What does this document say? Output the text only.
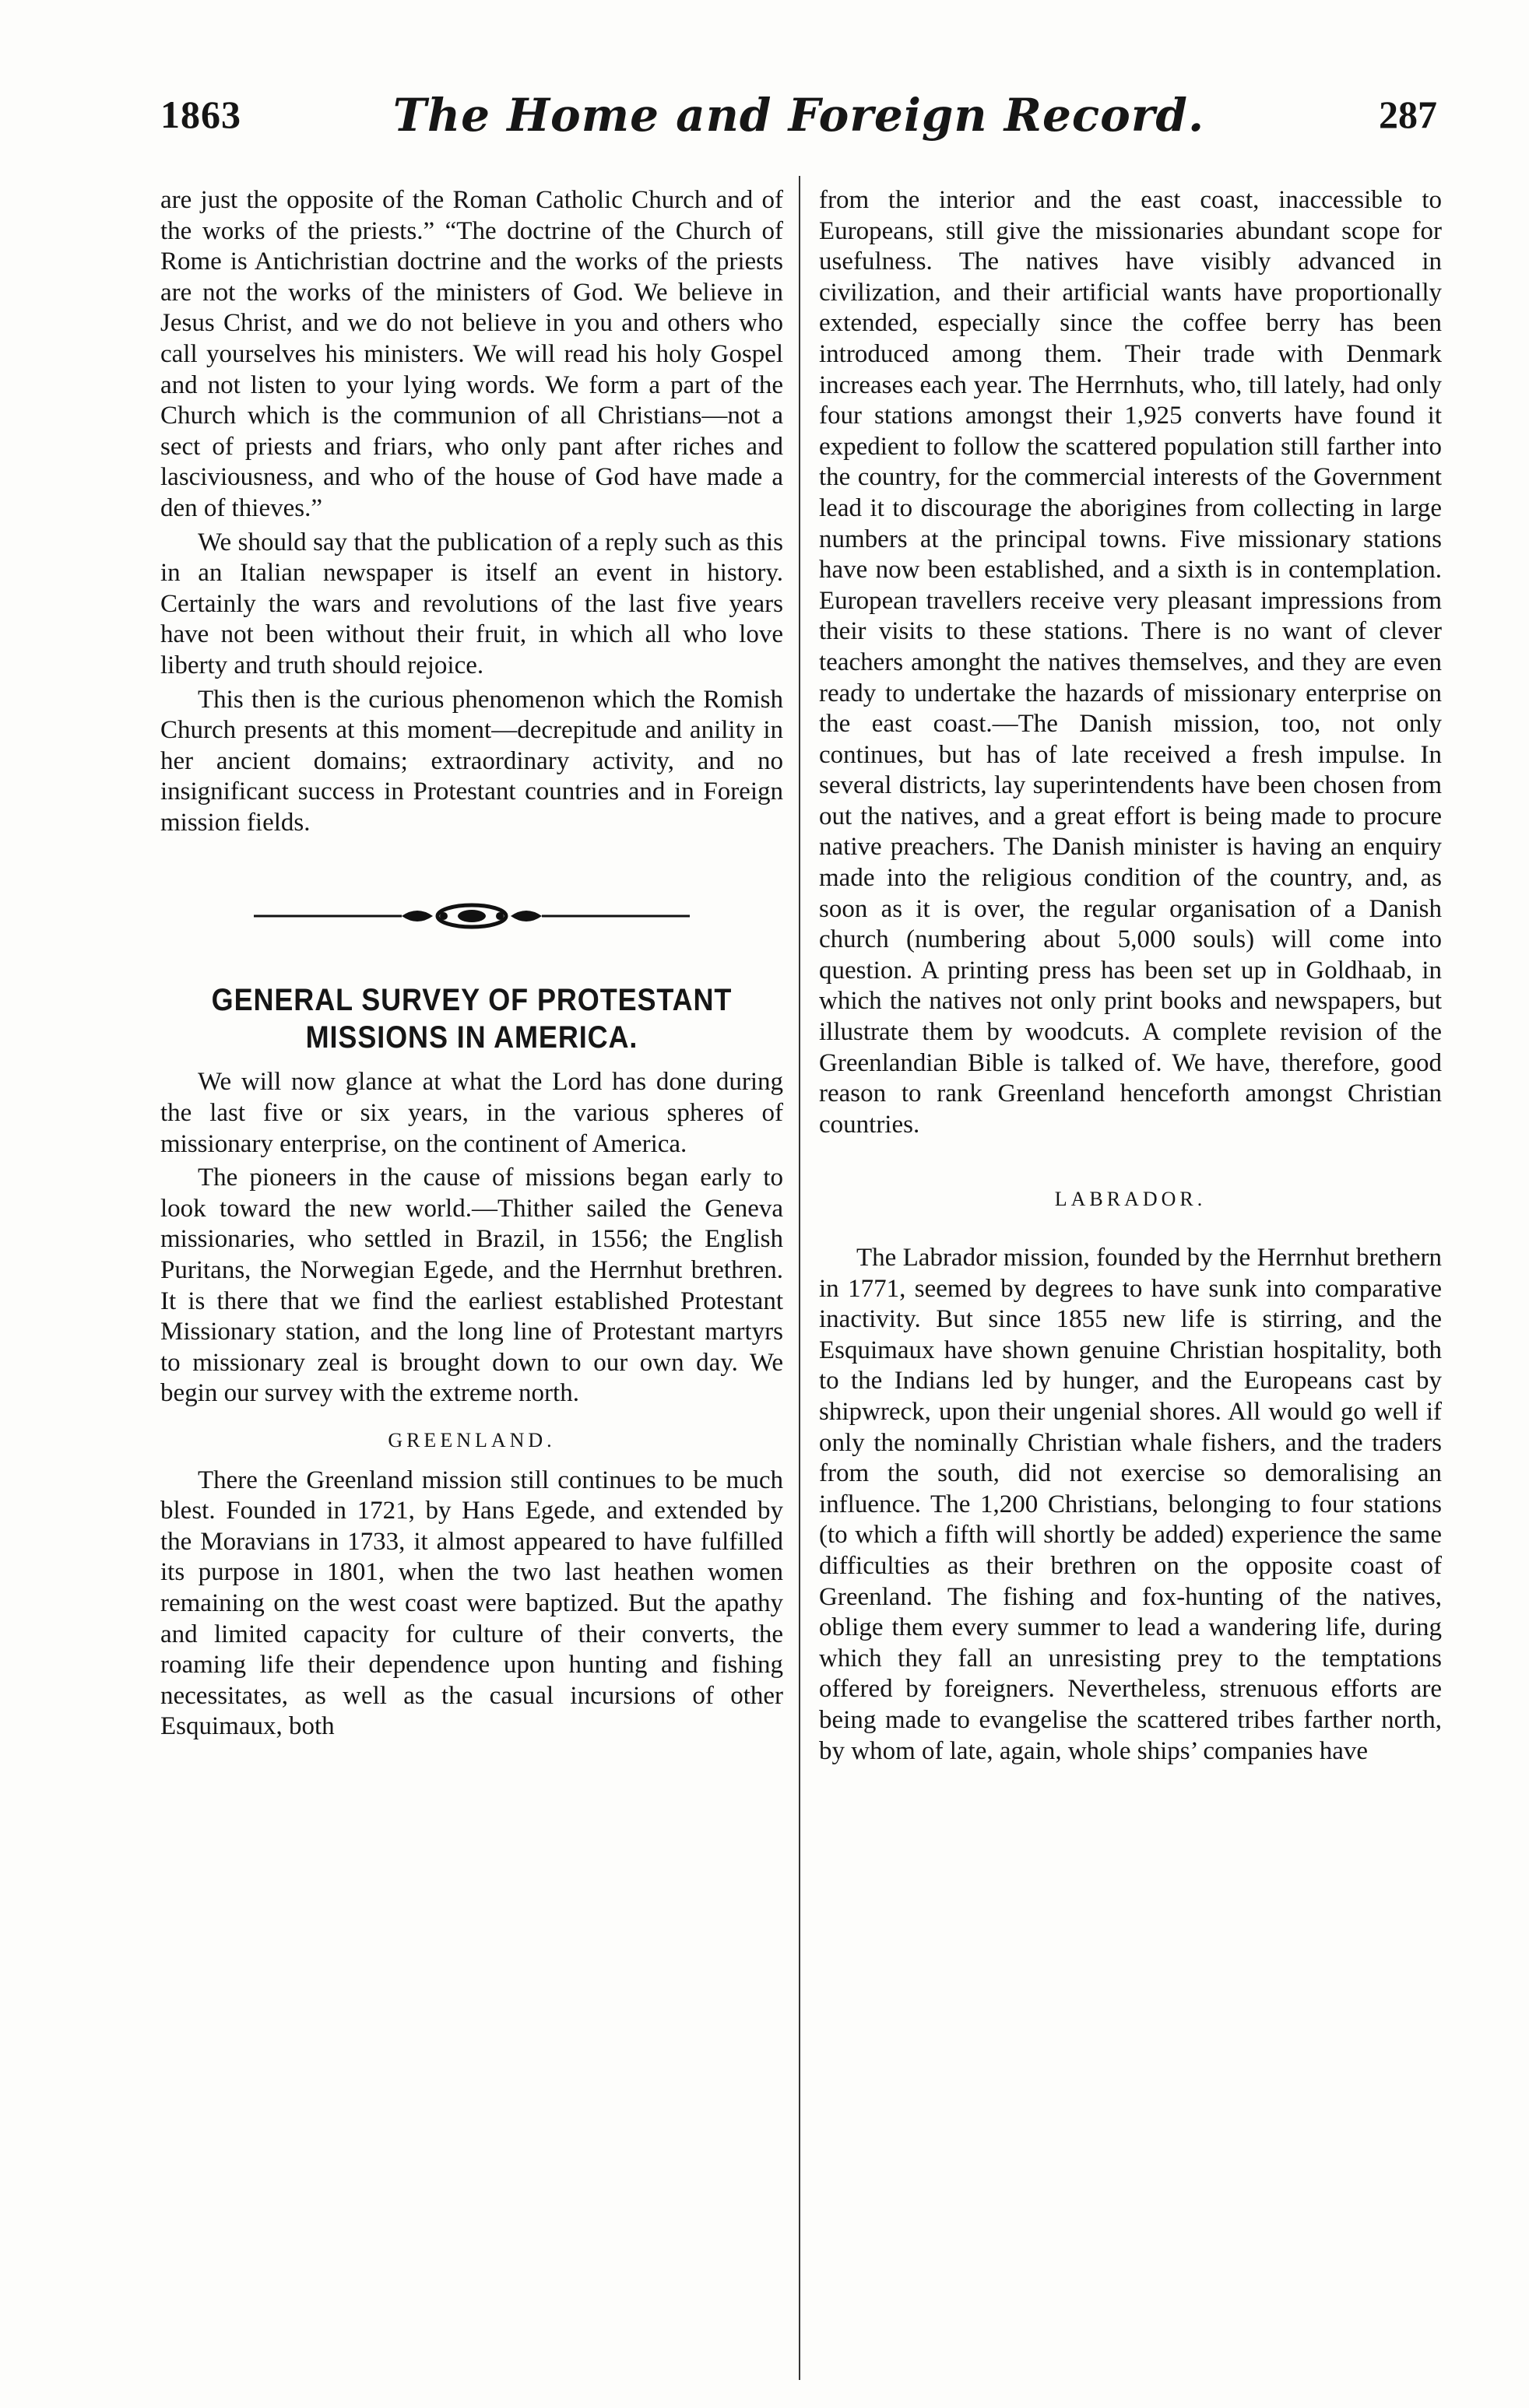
1863	The Home and Foreign Record.	287

are just the opposite of the Roman Catholic Church and of the works of the priests.” “The doctrine of the Church of Rome is Antichristian doctrine and the works of the priests are not the works of the ministers of God. We believe in Jesus Christ, and we do not believe in you and others who call yourselves his ministers. We will read his holy Gospel and not listen to your lying words. We form a part of the Church which is the communion of all Christians—not a sect of priests and friars, who only pant after riches and lasciviousness, and who of the house of God have made a den of thieves.”

We should say that the publication of a reply such as this in an Italian newspaper is itself an event in history. Certainly the wars and revolutions of the last five years have not been without their fruit, in which all who love liberty and truth should rejoice.

This then is the curious phenomenon which the Romish Church presents at this moment—decrepitude and anility in her ancient domains; extraordinary activity, and no insignificant success in Protestant countries and in Foreign mission fields.

GENERAL SURVEY OF PROTESTANT MISSIONS IN AMERICA.

We will now glance at what the Lord has done during the last five or six years, in the various spheres of missionary enterprise, on the continent of America.

The pioneers in the cause of missions began early to look toward the new world.—Thither sailed the Geneva missionaries, who settled in Brazil, in 1556; the English Puritans, the Norwegian Egede, and the Herrnhut brethren. It is there that we find the earliest established Protestant Missionary station, and the long line of Protestant martyrs to missionary zeal is brought down to our own day. We begin our survey with the extreme north.

GREENLAND.

There the Greenland mission still continues to be much blest. Founded in 1721, by Hans Egede, and extended by the Moravians in 1733, it almost appeared to have fulfilled its purpose in 1801, when the two last heathen women remaining on the west coast were baptized. But the apathy and limited capacity for culture of their converts, the roaming life their dependence upon hunting and fishing necessitates, as well as the casual incursions of other Esquimaux, both

from the interior and the east coast, inaccessible to Europeans, still give the missionaries abundant scope for usefulness. The natives have visibly advanced in civilization, and their artificial wants have proportionally extended, especially since the coffee berry has been introduced among them. Their trade with Denmark increases each year. The Herrnhuts, who, till lately, had only four stations amongst their 1,925 converts have found it expedient to follow the scattered population still farther into the country, for the commercial interests of the Government lead it to discourage the aborigines from collecting in large numbers at the principal towns. Five missionary stations have now been established, and a sixth is in contemplation. European travellers receive very pleasant impressions from their visits to these stations. There is no want of clever teachers amonght the natives themselves, and they are even ready to undertake the hazards of missionary enterprise on the east coast.—The Danish mission, too, not only continues, but has of late received a fresh impulse. In several districts, lay superintendents have been chosen from out the natives, and a great effort is being made to procure native preachers. The Danish minister is having an enquiry made into the religious condition of the country, and, as soon as it is over, the regular organisation of a Danish church (numbering about 5,000 souls) will come into question. A printing press has been set up in Goldhaab, in which the natives not only print books and newspapers, but illustrate them by woodcuts. A complete revision of the Greenlandian Bible is talked of. We have, therefore, good reason to rank Greenland henceforth amongst Christian countries.

LABRADOR.

The Labrador mission, founded by the Herrnhut brethern in 1771, seemed by degrees to have sunk into comparative inactivity. But since 1855 new life is stirring, and the Esquimaux have shown genuine Christian hospitality, both to the Indians led by hunger, and the Europeans cast by shipwreck, upon their ungenial shores. All would go well if only the nominally Christian whale fishers, and the traders from the south, did not exercise so demoralising an influence. The 1,200 Christians, belonging to four stations (to which a fifth will shortly be added) experience the same difficulties as their brethren on the opposite coast of Greenland. The fishing and fox-hunting of the natives, oblige them every summer to lead a wandering life, during which they fall an unresisting prey to the temptations offered by foreigners. Nevertheless, strenuous efforts are being made to evangelise the scattered tribes farther north, by whom of late, again, whole ships’ companies have
